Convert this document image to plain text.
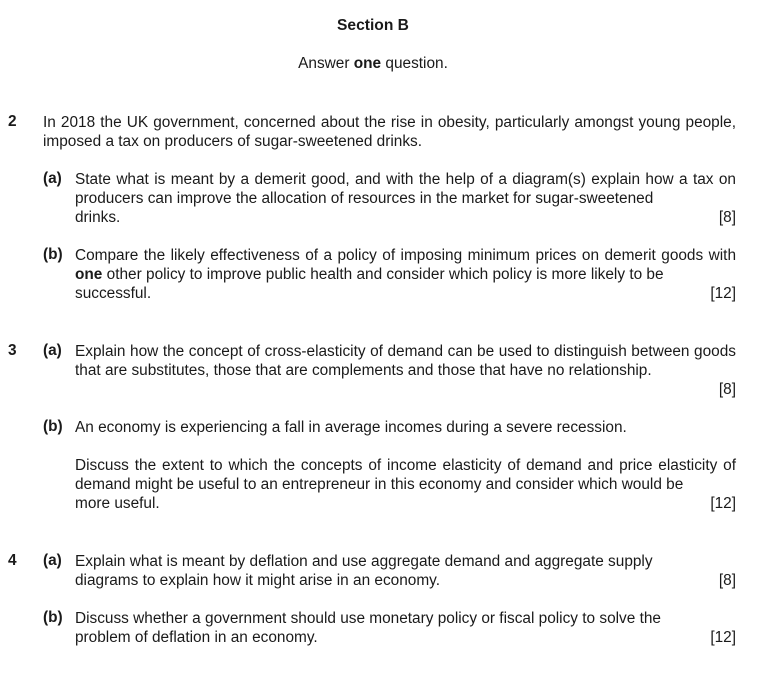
Section B
Answer one question.
2 In 2018 the UK government, concerned about the rise in obesity, particularly amongst young people, imposed a tax on producers of sugar-sweetened drinks.
(a) State what is meant by a demerit good, and with the help of a diagram(s) explain how a tax on producers can improve the allocation of resources in the market for sugar-sweetened
drinks.	[8]
(b) Compare the likely effectiveness of a policy of imposing minimum prices on demerit goods with one other policy to improve public health and consider which policy is more likely to be
successful.	[12]
3 (a) Explain how the concept of cross-elasticity of demand can be used to distinguish between goods that are substitutes, those that are complements and those that have no relationship.
[8]
(b) An economy is experiencing a fall in average incomes during a severe recession.

Discuss the extent to which the concepts of income elasticity of demand and price elasticity of demand might be useful to an entrepreneur in this economy and consider which would be
more useful.	[12]
4 (a) Explain what is meant by deflation and use aggregate demand and aggregate supply
diagrams to explain how it might arise in an economy.	[8]
(b) Discuss whether a government should use monetary policy or fiscal policy to solve the
problem of deflation in an economy.	[12]
